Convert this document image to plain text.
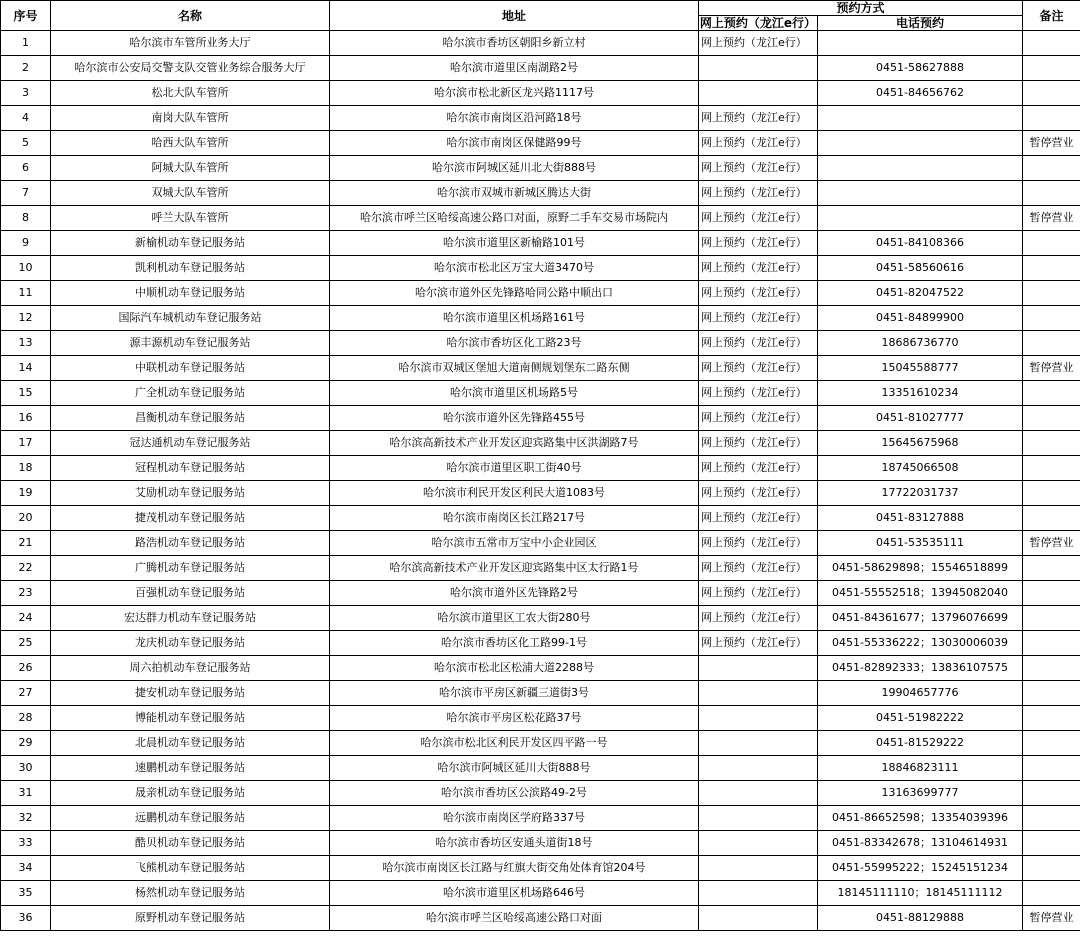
序号	名称	地址	预约方式		备注
			网上预约（龙江e行）	电话预约	
1	哈尔滨市车管所业务大厅	哈尔滨市香坊区朝阳乡新立村	网上预约（龙江e行）		
2	哈尔滨市公安局交警支队交管业务综合服务大厅	哈尔滨市道里区南湖路2号		0451-58627888	
3	松北大队车管所	哈尔滨市松北新区龙兴路1117号		0451-84656762	
4	南岗大队车管所	哈尔滨市南岗区沿河路18号	网上预约（龙江e行）		
5	哈西大队车管所	哈尔滨市南岗区保健路99号	网上预约（龙江e行）		暂停营业
6	阿城大队车管所	哈尔滨市阿城区延川北大街888号	网上预约（龙江e行）		
7	双城大队车管所	哈尔滨市双城市新城区腾达大街	网上预约（龙江e行）		
8	呼兰大队车管所	哈尔滨市呼兰区哈绥高速公路口对面，原野二手车交易市场院内	网上预约（龙江e行）		暂停营业
9	新榆机动车登记服务站	哈尔滨市道里区新榆路101号	网上预约（龙江e行）	0451-84108366	
10	凯利机动车登记服务站	哈尔滨市松北区万宝大道3470号	网上预约（龙江e行）	0451-58560616	
11	中顺机动车登记服务站	哈尔滨市道外区先锋路哈同公路中顺出口	网上预约（龙江e行）	0451-82047522	
12	国际汽车城机动车登记服务站	哈尔滨市道里区机场路161号	网上预约（龙江e行）	0451-84899900	
13	源丰源机动车登记服务站	哈尔滨市香坊区化工路23号	网上预约（龙江e行）	18686736770	
14	中联机动车登记服务站	哈尔滨市双城区堡旭大道南侧规划堡东二路东侧	网上预约（龙江e行）	15045588777	暂停营业
15	广全机动车登记服务站	哈尔滨市道里区机场路5号	网上预约（龙江e行）	13351610234	
16	昌衡机动车登记服务站	哈尔滨市道外区先锋路455号	网上预约（龙江e行）	0451-81027777	
17	冠达通机动车登记服务站	哈尔滨高新技术产业开发区迎宾路集中区洪湖路7号	网上预约（龙江e行）	15645675968	
18	冠程机动车登记服务站	哈尔滨市道里区职工街40号	网上预约（龙江e行）	18745066508	
19	艾励机动车登记服务站	哈尔滨市利民开发区利民大道1083号	网上预约（龙江e行）	17722031737	
20	捷茂机动车登记服务站	哈尔滨市南岗区长江路217号	网上预约（龙江e行）	0451-83127888	
21	路浩机动车登记服务站	哈尔滨市五常市万宝中小企业园区	网上预约（龙江e行）	0451-53535111	暂停营业
22	广腾机动车登记服务站	哈尔滨高新技术产业开发区迎宾路集中区太行路1号	网上预约（龙江e行）	0451-58629898；15546518899	
23	百强机动车登记服务站	哈尔滨市道外区先锋路2号	网上预约（龙江e行）	0451-55552518；13945082040	
24	宏达群力机动车登记服务站	哈尔滨市道里区工农大街280号	网上预约（龙江e行）	0451-84361677；13796076699	
25	龙庆机动车登记服务站	哈尔滨市香坊区化工路99-1号	网上预约（龙江e行）	0451-55336222；13030006039	
26	周六拍机动车登记服务站	哈尔滨市松北区松浦大道2288号		0451-82892333；13836107575	
27	捷安机动车登记服务站	哈尔滨市平房区新疆三道街3号		19904657776	
28	博能机动车登记服务站	哈尔滨市平房区松花路37号		0451-51982222	
29	北晨机动车登记服务站	哈尔滨市松北区利民开发区四平路一号		0451-81529222	
30	速鹏机动车登记服务站	哈尔滨市阿城区延川大街888号		18846823111	
31	晟亲机动车登记服务站	哈尔滨市香坊区公滨路49-2号		13163699777	
32	远鹏机动车登记服务站	哈尔滨市南岗区学府路337号		0451-86652598；13354039396	
33	酷贝机动车登记服务站	哈尔滨市香坊区安通头道街18号		0451-83342678；13104614931	
34	飞熊机动车登记服务站	哈尔滨市南岗区长江路与红旗大街交角处体育馆204号		0451-55995222；15245151234	
35	杨然机动车登记服务站	哈尔滨市道里区机场路646号		18145111110；18145111112	
36	原野机动车登记服务站	哈尔滨市呼兰区哈绥高速公路口对面		0451-88129888	暂停营业
